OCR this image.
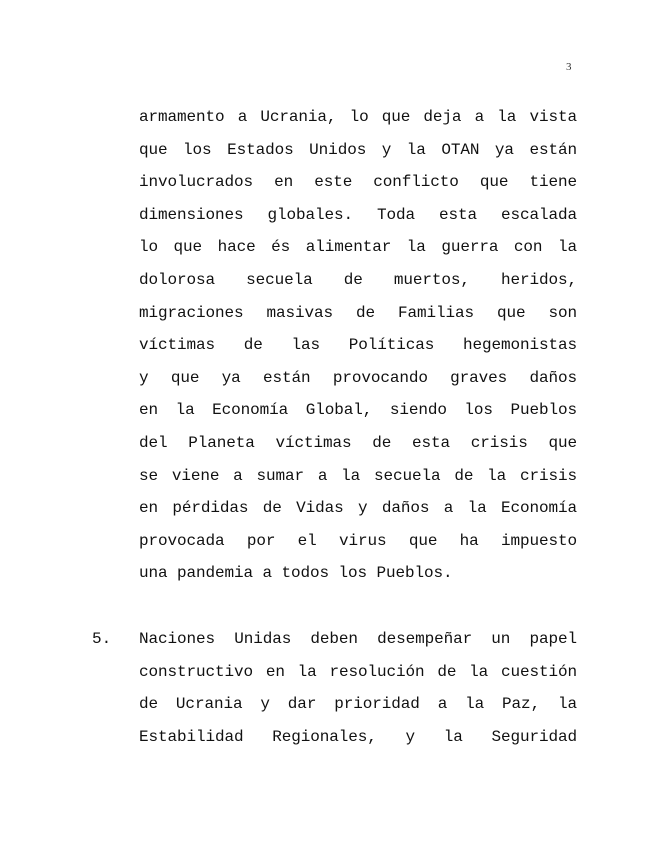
3
armamento a Ucrania, lo que deja a la vista
que los Estados Unidos y la OTAN ya están
involucrados en este conflicto que tiene
dimensiones globales. Toda esta escalada
lo que hace és alimentar la guerra con la
dolorosa secuela de muertos, heridos,
migraciones masivas de Familias que son
víctimas de las Políticas hegemonistas
y que ya están provocando graves daños
en la Economía Global, siendo los Pueblos
del Planeta víctimas de esta crisis que
se viene a sumar a la secuela de la crisis
en pérdidas de Vidas y daños a la Economía
provocada por el virus que ha impuesto
una pandemia a todos los Pueblos.
5. Naciones Unidas deben desempeñar un papel
constructivo en la resolución de la cuestión
de Ucrania y dar prioridad a la Paz, la
Estabilidad Regionales, y la Seguridad
